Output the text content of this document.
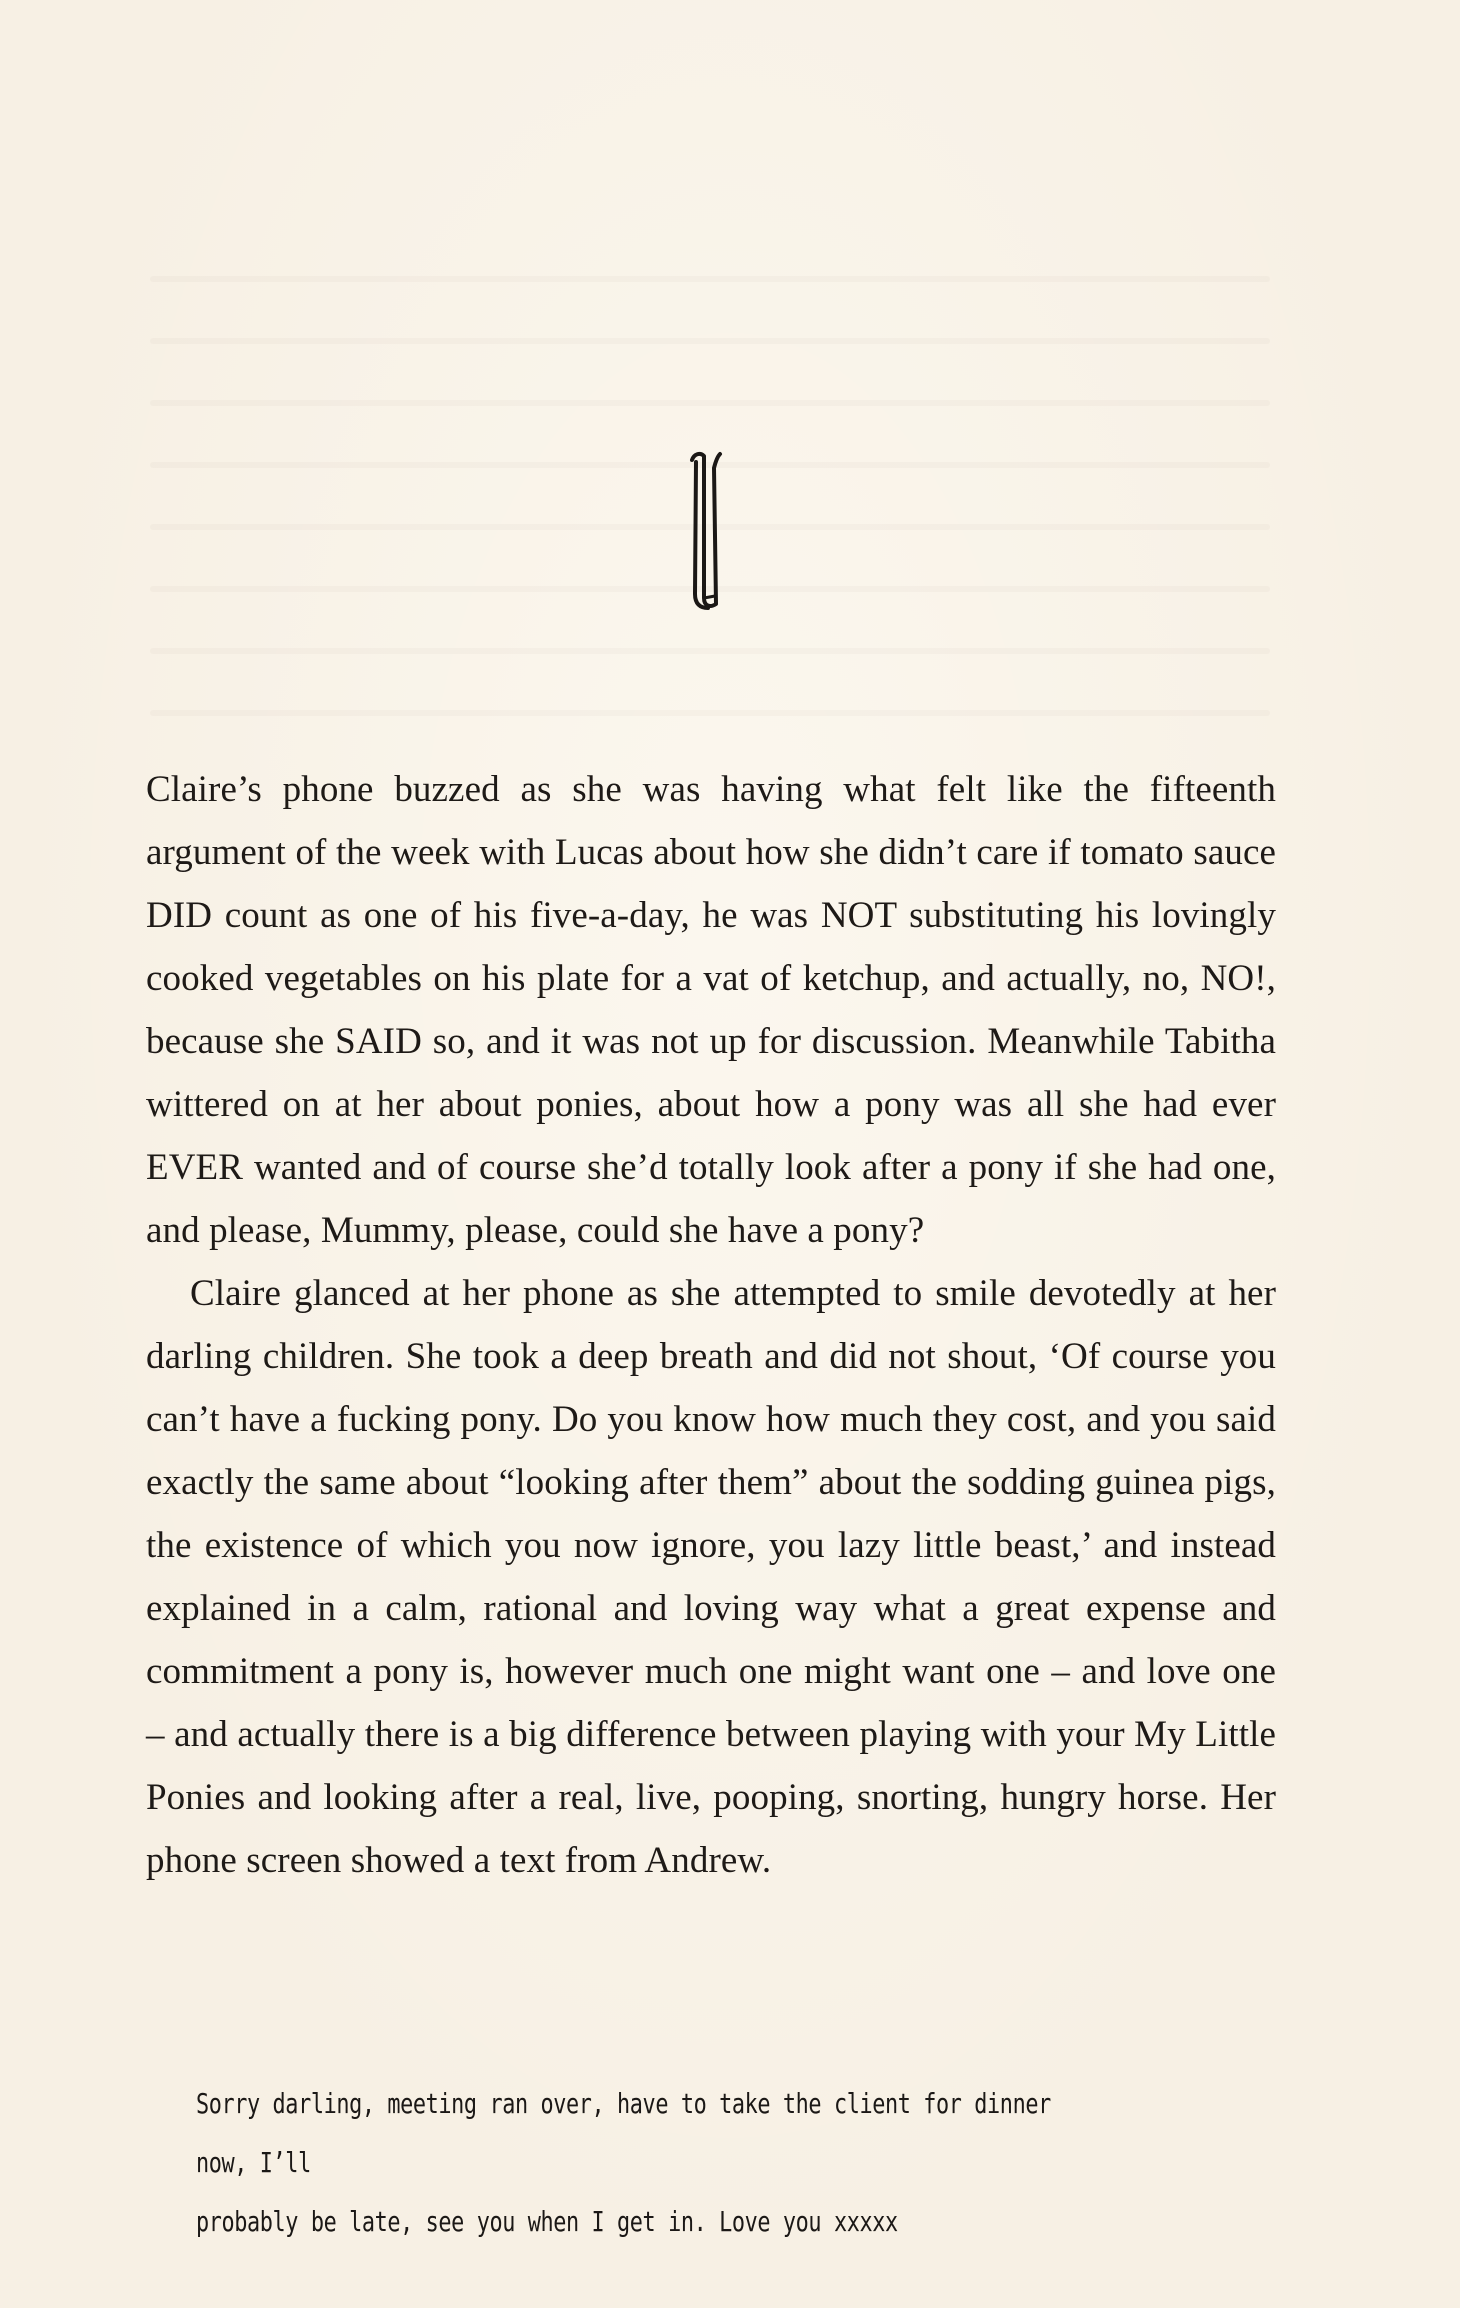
Claire’s phone buzzed as she was having what felt like the fifteenth argument of the week with Lucas about how she didn’t care if tomato sauce DID count as one of his five-a-day, he was NOT substituting his lovingly cooked vegetables on his plate for a vat of ketchup, and actually, no, NO!, because she SAID so, and it was not up for discussion. Meanwhile Tabitha wittered on at her about ponies, about how a pony was all she had ever EVER wanted and of course she’d totally look after a pony if she had one, and please, Mummy, please, could she have a pony?

Claire glanced at her phone as she attempted to smile devotedly at her darling children. She took a deep breath and did not shout, ‘Of course you can’t have a fucking pony. Do you know how much they cost, and you said exactly the same about “looking after them” about the sodding guinea pigs, the existence of which you now ignore, you lazy little beast,’ and instead explained in a calm, rational and loving way what a great expense and commitment a pony is, however much one might want one – and love one – and actually there is a big difference between playing with your My Little Ponies and looking after a real, live, pooping, snorting, hungry horse. Her phone screen showed a text from Andrew.

Sorry darling, meeting ran over, have to take the client for dinner now, I’ll
probably be late, see you when I get in. Love you xxxxx
